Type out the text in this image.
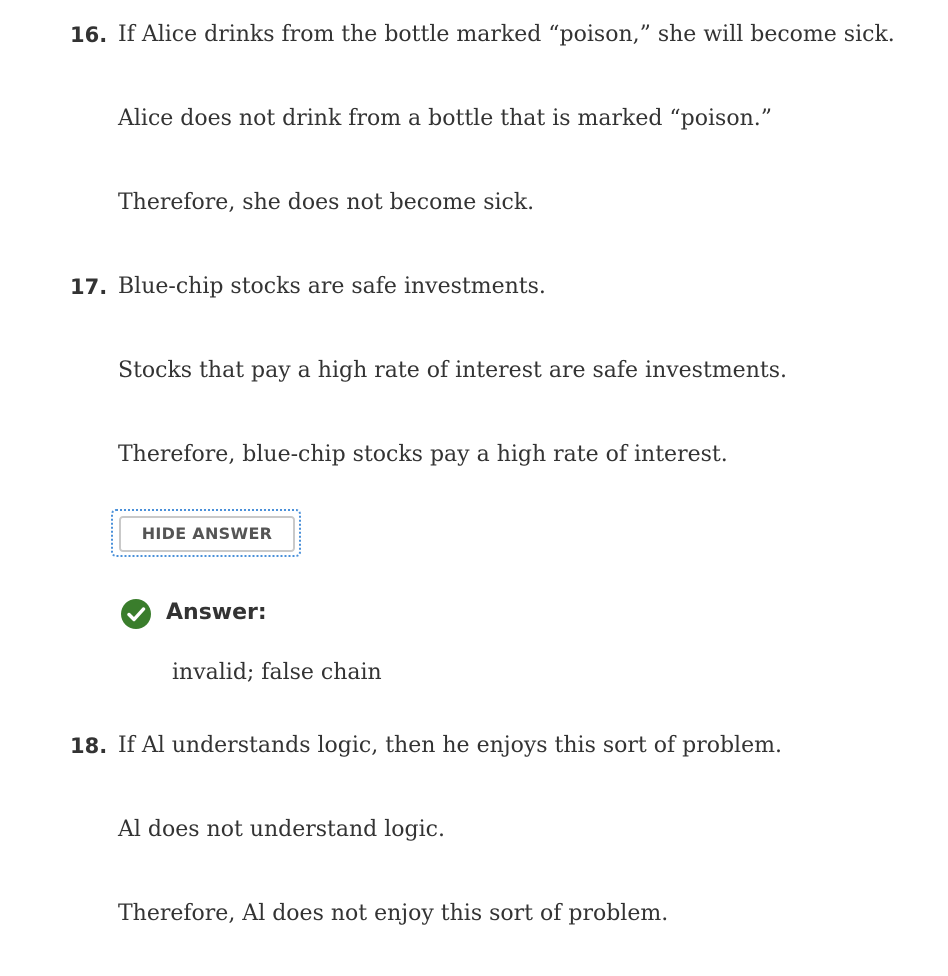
16. If Alice drinks from the bottle marked “poison,” she will become sick.
Alice does not drink from a bottle that is marked “poison.”
Therefore, she does not become sick.
17. Blue-chip stocks are safe investments.
Stocks that pay a high rate of interest are safe investments.
Therefore, blue-chip stocks pay a high rate of interest.
HIDE ANSWER
Answer:
invalid; false chain
18. If Al understands logic, then he enjoys this sort of problem.
Al does not understand logic.
Therefore, Al does not enjoy this sort of problem.
